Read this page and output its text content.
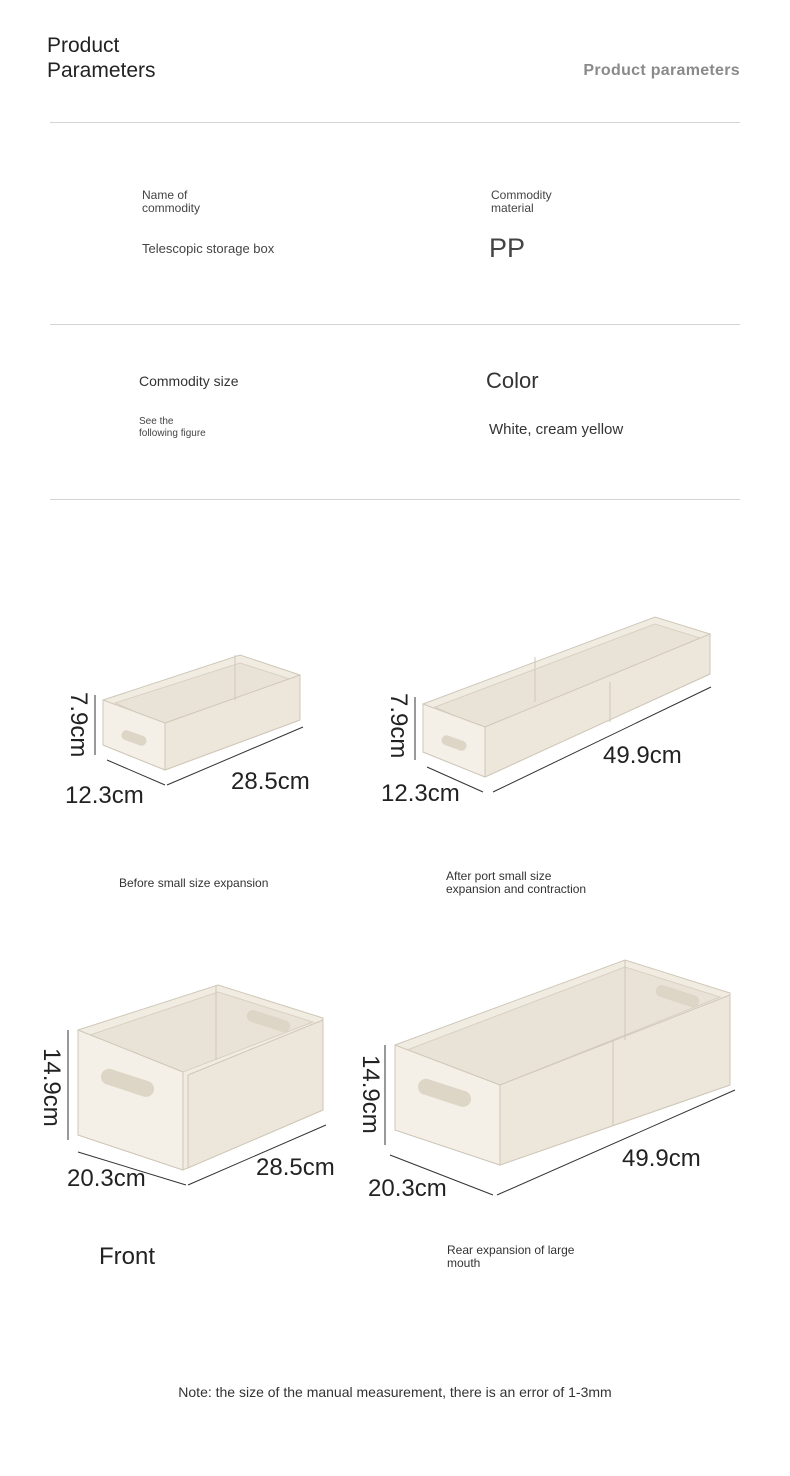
Product
Parameters	Product parameters
Name of
commodity
Telescopic storage box
Commodity
material
PP
Commodity size
See the
following figure
Color
White, cream yellow
7.9cm
12.3cm
28.5cm
Before small size expansion
7.9cm
12.3cm
49.9cm
After port small size
expansion and contraction
14.9cm
20.3cm	28.5cm
Front
14.9cm
20.3cm
49.9cm
Rear expansion of large
mouth
Note: the size of the manual measurement, there is an error of 1-3mm
